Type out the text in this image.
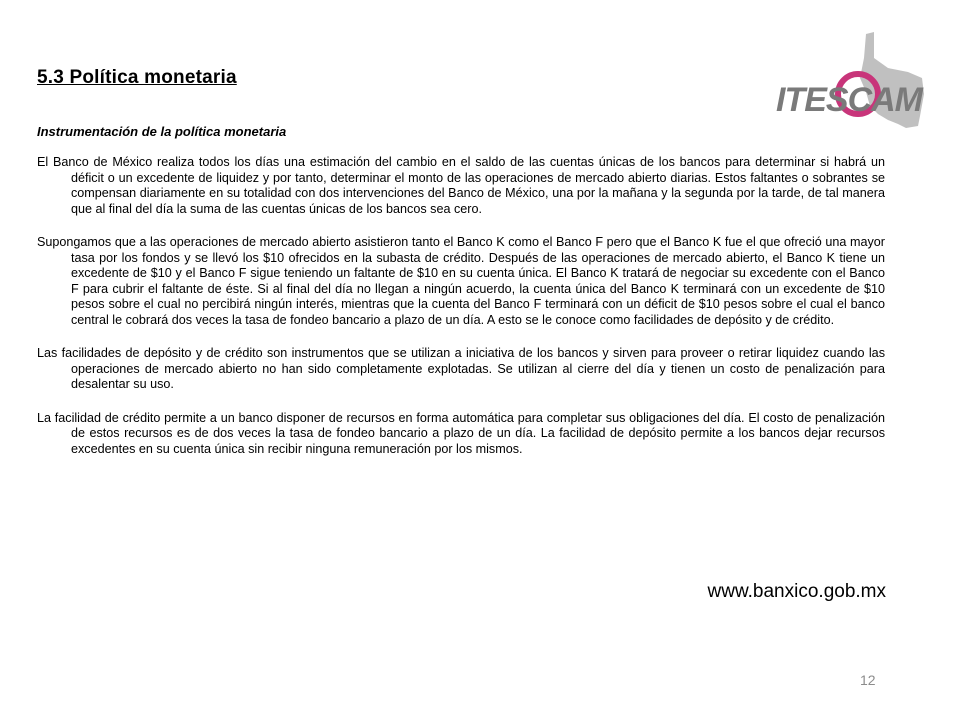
5.3 Política monetaria
ITESCAM

Instrumentación de la política monetaria

El Banco de México realiza todos los días una estimación del cambio en el saldo de las cuentas únicas de los bancos para determinar si habrá un déficit o un excedente de liquidez y por tanto, determinar el monto de las operaciones de mercado abierto diarias. Estos faltantes o sobrantes se compensan diariamente en su totalidad con dos intervenciones del Banco de México, una por la mañana y la segunda por la tarde, de tal manera que al final del día la suma de las cuentas únicas de los bancos sea cero.

Supongamos que a las operaciones de mercado abierto asistieron tanto el Banco K como el Banco F pero que el Banco K fue el que ofreció una mayor tasa por los fondos y se llevó los $10 ofrecidos en la subasta de crédito. Después de las operaciones de mercado abierto, el Banco K tiene un excedente de $10 y el Banco F sigue teniendo un faltante de $10 en su cuenta única. El Banco K tratará de negociar su excedente con el Banco F para cubrir el faltante de éste. Si al final del día no llegan a ningún acuerdo, la cuenta única del Banco K terminará con un excedente de $10 pesos sobre el cual no percibirá ningún interés, mientras que la cuenta del Banco F terminará con un déficit de $10 pesos sobre el cual el banco central le cobrará dos veces la tasa de fondeo bancario a plazo de un día. A esto se le conoce como facilidades de depósito y de crédito.

Las facilidades de depósito y de crédito son instrumentos que se utilizan a iniciativa de los bancos y sirven para proveer o retirar liquidez cuando las operaciones de mercado abierto no han sido completamente explotadas. Se utilizan al cierre del día y tienen un costo de penalización para desalentar su uso.

La facilidad de crédito permite a un banco disponer de recursos en forma automática para completar sus obligaciones del día. El costo de penalización de estos recursos es de dos veces la tasa de fondeo bancario a plazo de un día. La facilidad de depósito permite a los bancos dejar recursos excedentes en su cuenta única sin recibir ninguna remuneración por los mismos.

www.banxico.gob.mx

12
